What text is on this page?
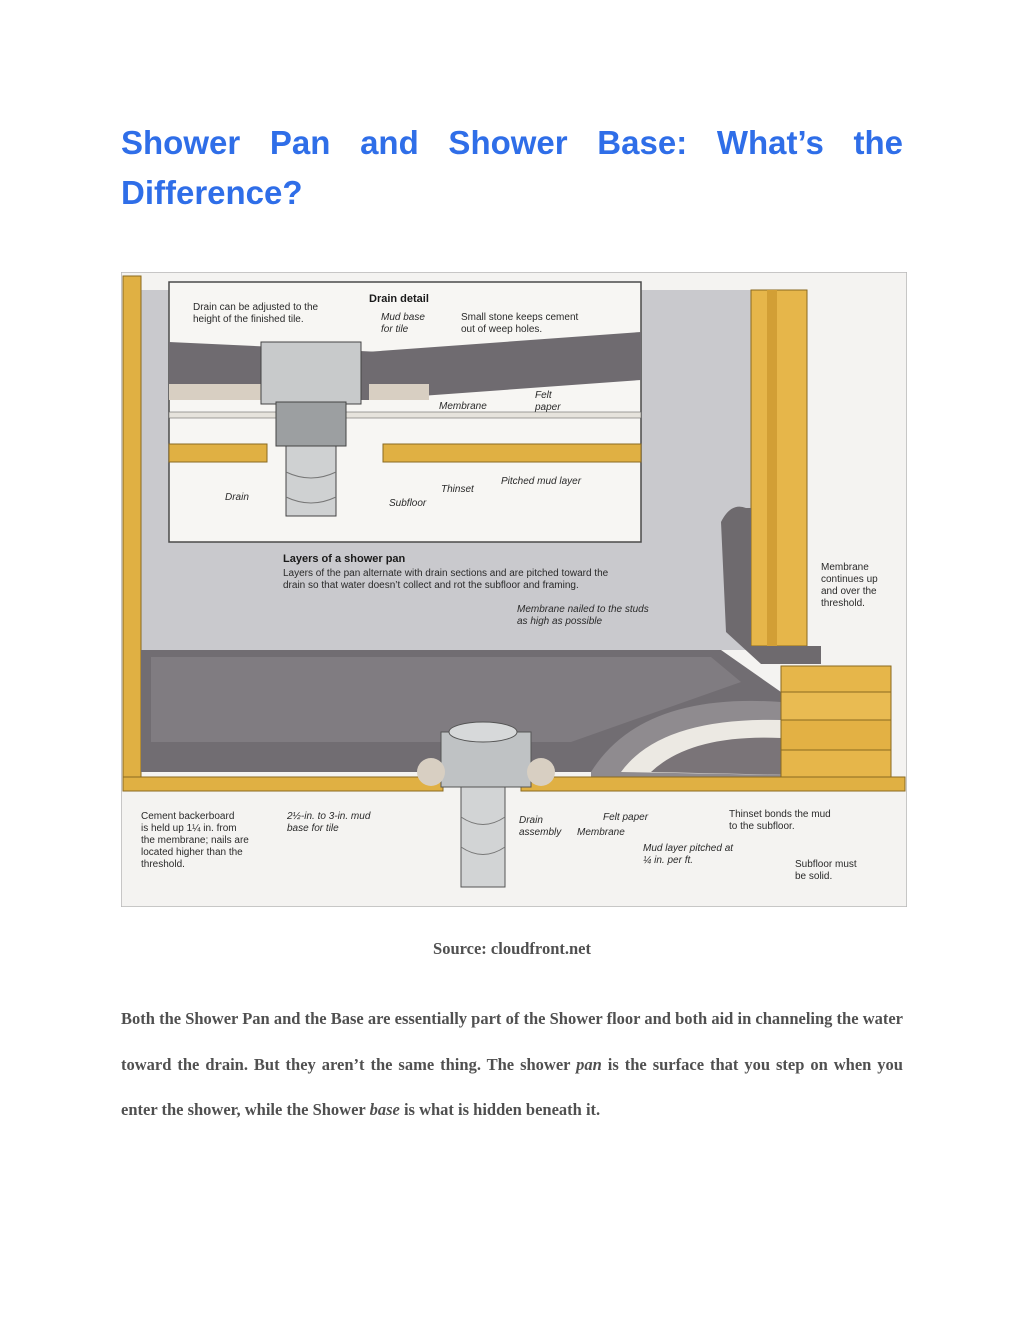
Shower Pan and Shower Base: What’s the Difference?
Drain can be adjusted to the
height of the finished tile.
Drain detail
Mud base
for tile
Small stone keeps cement
out of weep holes.
Membrane
Felt
paper
Drain
Subfloor
Thinset
Pitched mud layer
Layers of a shower pan
Layers of the pan alternate with drain sections and are pitched toward the
drain so that water doesn’t collect and rot the subfloor and framing.
Membrane nailed to the studs
as high as possible
Membrane
continues up
and over the
threshold.
Cement backerboard
is held up 1¼ in. from
the membrane; nails are
located higher than the
threshold.
2½-in. to 3-in. mud
base for tile
Drain
assembly Membrane
Felt paper
Mud layer pitched at
¼ in. per ft.
Thinset bonds the mud
to the subfloor.
Subfloor must
be solid.
Source: cloudfront.net

Both the Shower Pan and the Base are essentially part of the Shower floor and both aid in channeling the water toward the drain. But they aren’t the same thing. The shower pan is the surface that you step on when you enter the shower, while the Shower base is what is hidden beneath it.
